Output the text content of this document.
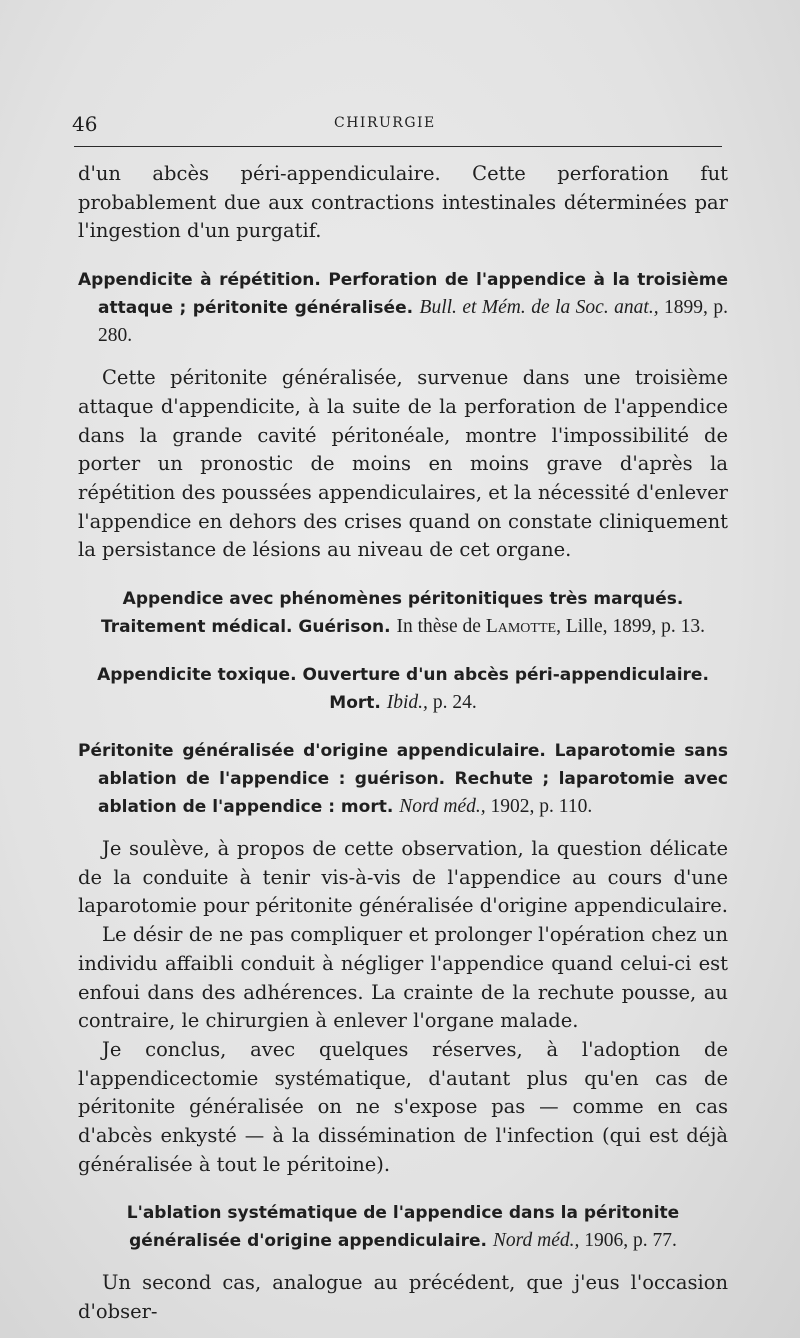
46	CHIRURGIE

d'un abcès péri-appendiculaire. Cette perforation fut probablement due aux contractions intestinales déterminées par l'ingestion d'un purgatif.

Appendicite à répétition. Perforation de l'appendice à la troisième attaque ; péritonite généralisée. Bull. et Mém. de la Soc. anat., 1899, p. 280.

Cette péritonite généralisée, survenue dans une troisième attaque d'appendicite, à la suite de la perforation de l'appendice dans la grande cavité péritonéale, montre l'impossibilité de porter un pronostic de moins en moins grave d'après la répétition des poussées appendiculaires, et la nécessité d'enlever l'appendice en dehors des crises quand on constate cliniquement la persistance de lésions au niveau de cet organe.

Appendice avec phénomènes péritonitiques très marqués. Traitement médical. Guérison. In thèse de Lamotte, Lille, 1899, p. 13.
Appendicite toxique. Ouverture d'un abcès péri-appendiculaire. Mort. Ibid., p. 24.
Péritonite généralisée d'origine appendiculaire. Laparotomie sans ablation de l'appendice : guérison. Rechute ; laparotomie avec ablation de l'appendice : mort. Nord méd., 1902, p. 110.

Je soulève, à propos de cette observation, la question délicate de la conduite à tenir vis-à-vis de l'appendice au cours d'une laparotomie pour péritonite généralisée d'origine appendiculaire.

Le désir de ne pas compliquer et prolonger l'opération chez un individu affaibli conduit à négliger l'appendice quand celui-ci est enfoui dans des adhérences. La crainte de la rechute pousse, au contraire, le chirurgien à enlever l'organe malade.

Je conclus, avec quelques réserves, à l'adoption de l'appendicectomie systématique, d'autant plus qu'en cas de péritonite généralisée on ne s'expose pas — comme en cas d'abcès enkysté — à la dissémination de l'infection (qui est déjà généralisée à tout le péritoine).

L'ablation systématique de l'appendice dans la péritonite généralisée d'origine appendiculaire. Nord méd., 1906, p. 77.

Un second cas, analogue au précédent, que j'eus l'occasion d'obser-
